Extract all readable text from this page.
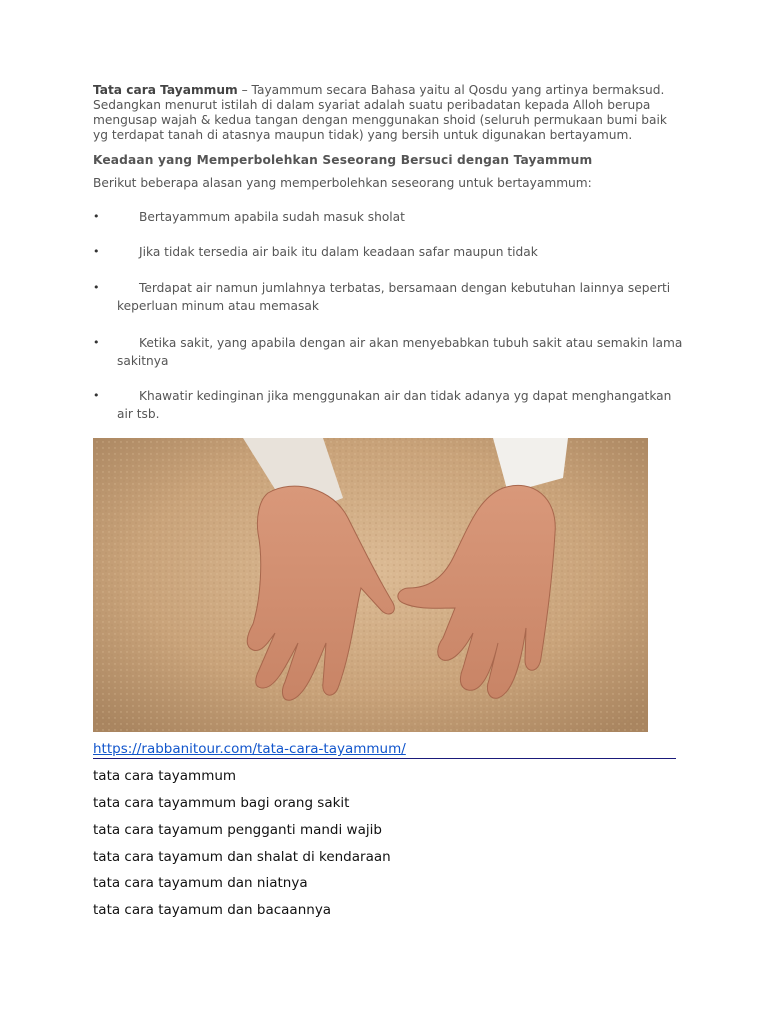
Tata cara Tayammum – Tayammum secara Bahasa yaitu al Qosdu yang artinya bermaksud. Sedangkan menurut istilah di dalam syariat adalah suatu peribadatan kepada Alloh berupa mengusap wajah & kedua tangan dengan menggunakan shoid (seluruh permukaan bumi baik yg terdapat tanah di atasnya maupun tidak) yang bersih untuk digunakan bertayamum.
Keadaan yang Memperbolehkan Seseorang Bersuci dengan Tayammum
Berikut beberapa alasan yang memperbolehkan seseorang untuk bertayammum:
•	Bertayammum apabila sudah masuk sholat
•	Jika tidak tersedia air baik itu dalam keadaan safar maupun tidak
•	Terdapat air namun jumlahnya terbatas, bersamaan dengan kebutuhan lainnya seperti keperluan minum atau memasak
•	Ketika sakit, yang apabila dengan air akan menyebabkan tubuh sakit atau semakin lama sakitnya
•	Khawatir kedinginan jika menggunakan air dan tidak adanya yg dapat menghangatkan air tsb.
https://rabbanitour.com/tata-cara-tayammum/
tata cara tayammum
tata cara tayammum bagi orang sakit
tata cara tayamum pengganti mandi wajib
tata cara tayamum dan shalat di kendaraan
tata cara tayamum dan niatnya
tata cara tayamum dan bacaannya
